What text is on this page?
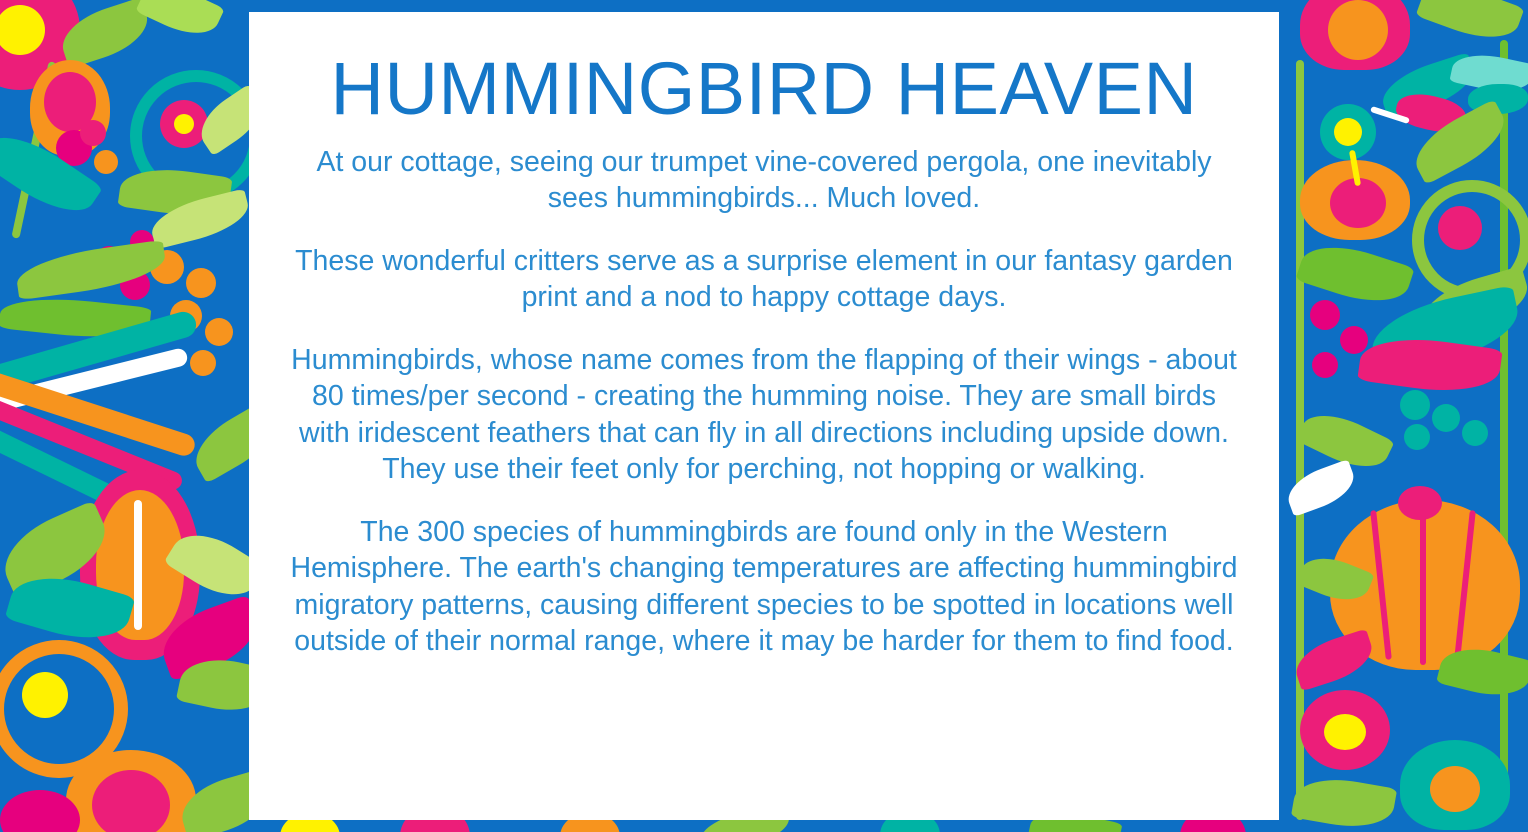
HUMMINGBIRD HEAVEN

At our cottage, seeing our trumpet vine-covered pergola, one inevitably sees hummingbirds... Much loved.

These wonderful critters serve as a surprise element in our fantasy garden print and a nod to happy cottage days.

Hummingbirds, whose name comes from the flapping of their wings - about 80 times/per second - creating the humming noise. They are small birds with iridescent feathers that can fly in all directions including upside down. They use their feet only for perching, not hopping or walking.

The 300 species of hummingbirds are found only in the Western Hemisphere. The earth's changing temperatures are affecting hummingbird migratory patterns, causing different species to be spotted in locations well outside of their normal range, where it may be harder for them to find food.
